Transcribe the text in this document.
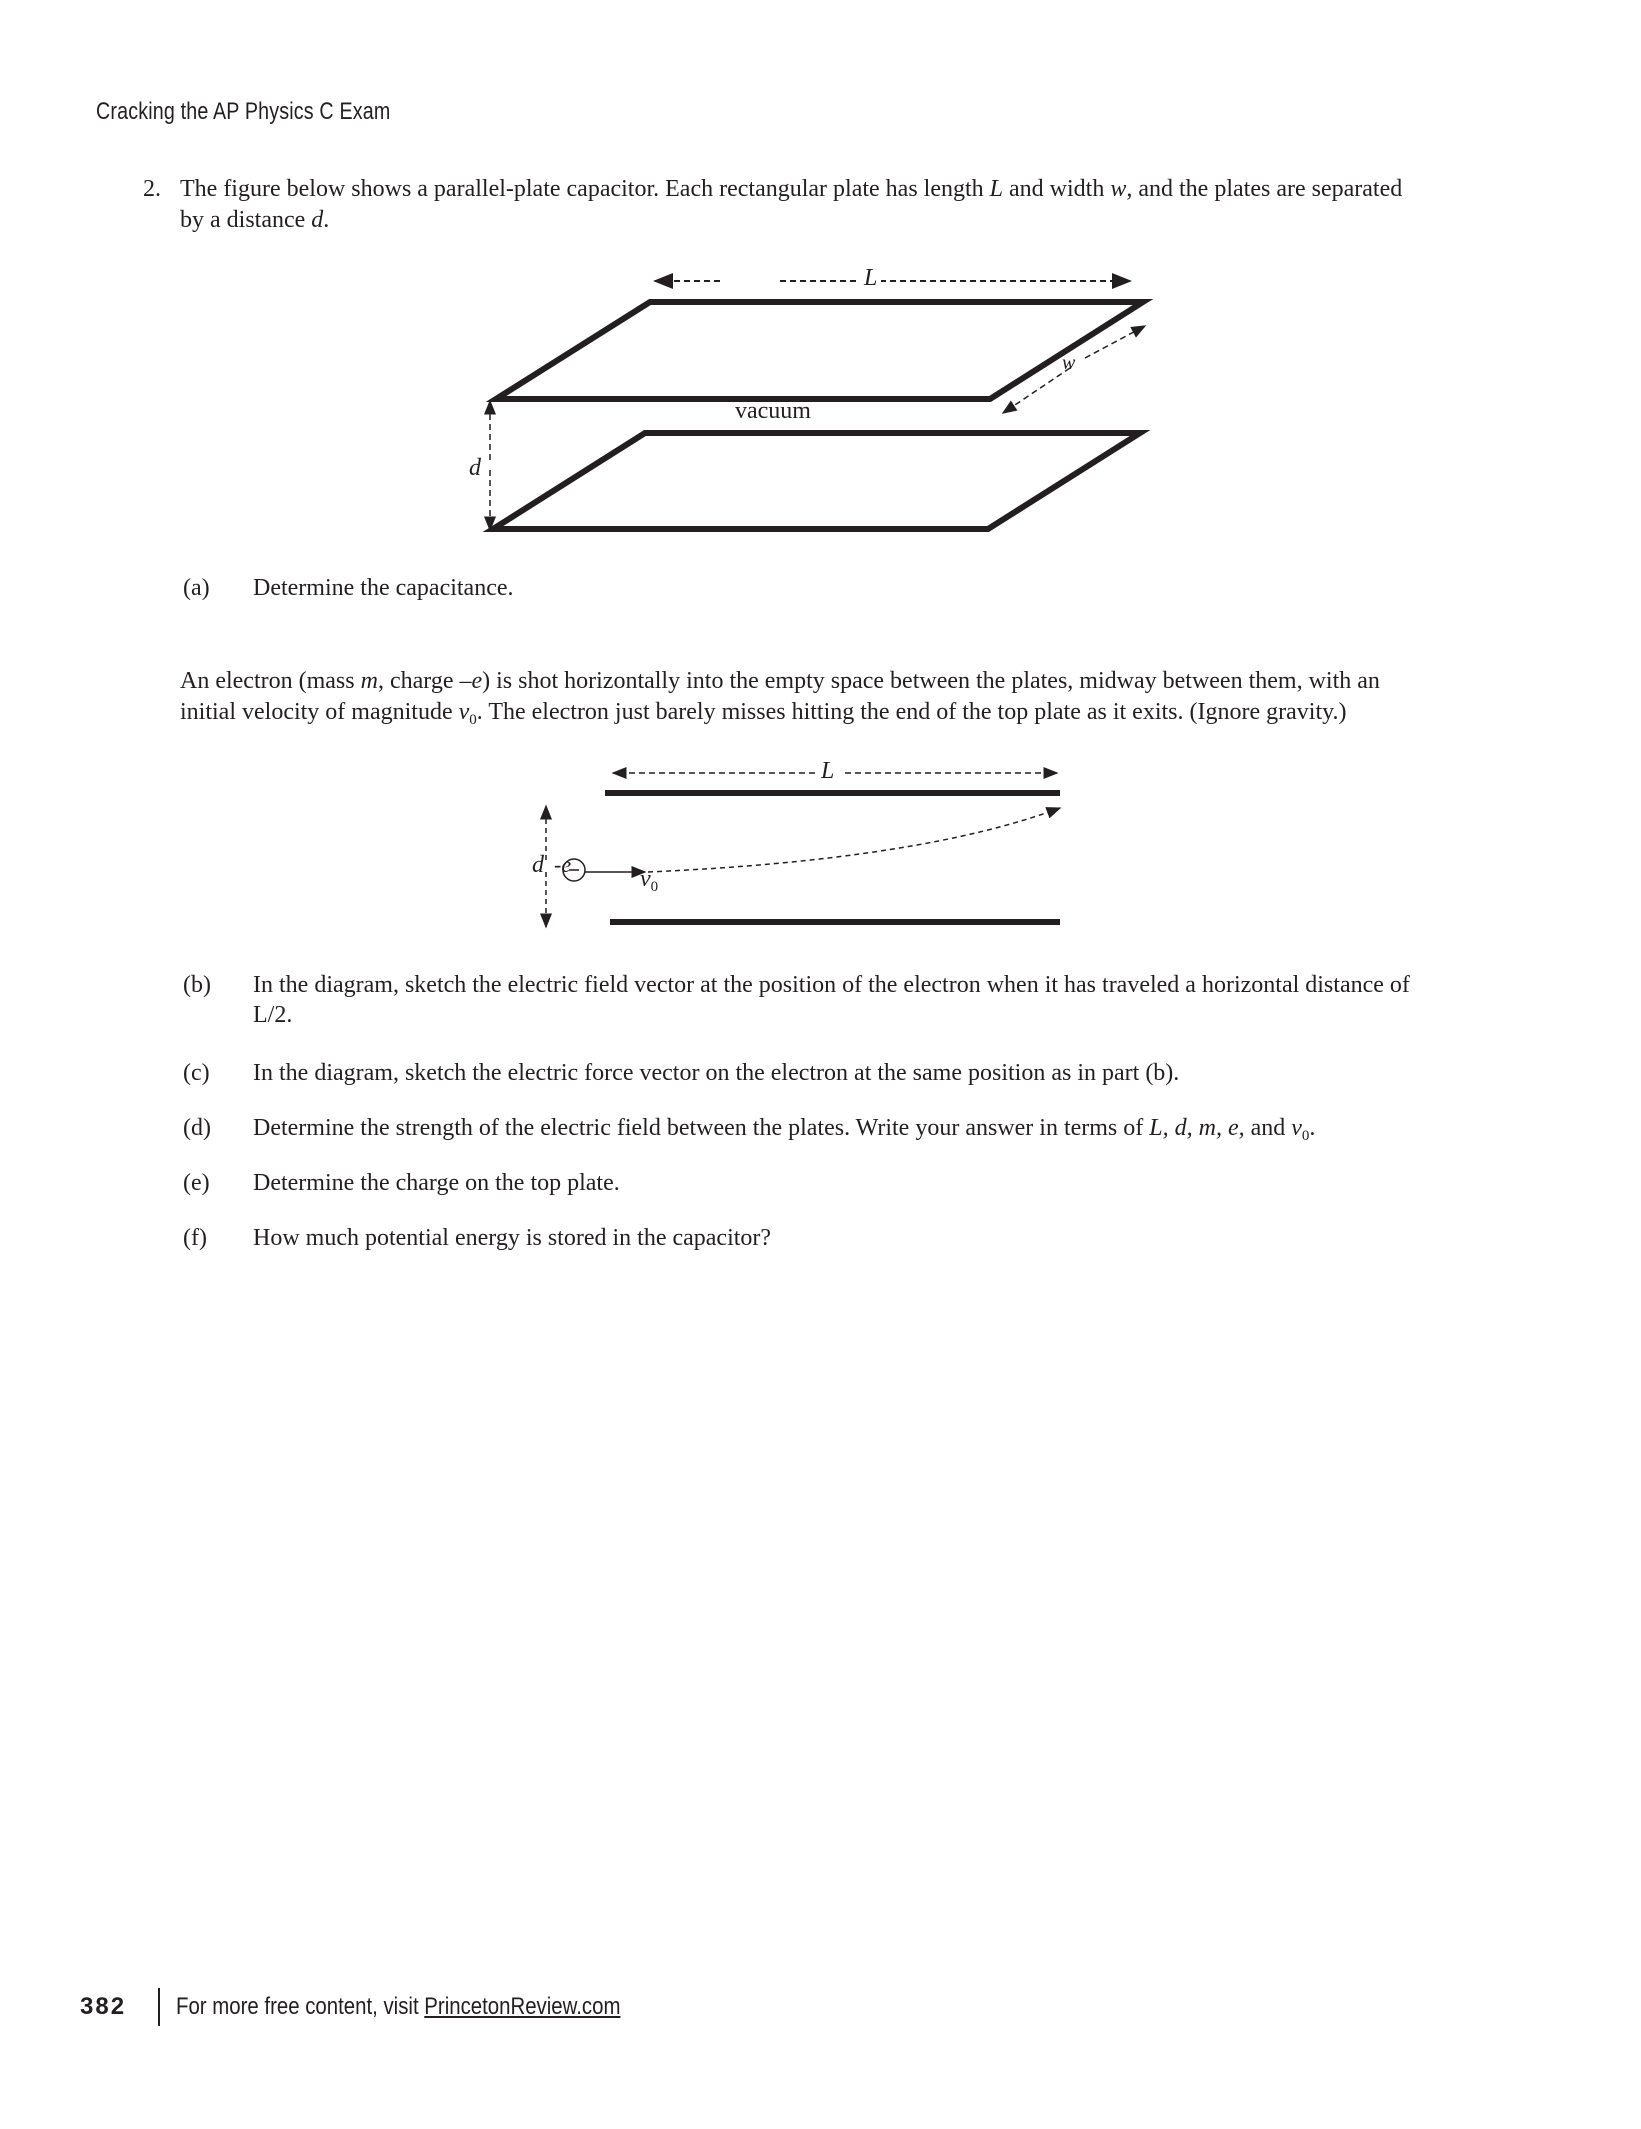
Cracking the AP Physics C Exam
2. The figure below shows a parallel-plate capacitor. Each rectangular plate has length L and width w, and the plates are separated
by a distance d.
L
w
vacuum
d
(a) Determine the capacitance.
An electron (mass m, charge –e) is shot horizontally into the empty space between the plates, midway between them, with an
initial velocity of magnitude $v_0$. The electron just barely misses hitting the end of the top plate as it exits. (Ignore gravity.)
L
d -e
$v_0$
(b) In the diagram, sketch the electric field vector at the position of the electron when it has traveled a horizontal distance of
L/2.
(c) In the diagram, sketch the electric force vector on the electron at the same position as in part (b).
(d) Determine the strength of the electric field between the plates. Write your answer in terms of L, d, m, e, and $v_0$.
(e) Determine the charge on the top plate.
(f) How much potential energy is stored in the capacitor?
382 For more free content, visit PrincetonReview.com
